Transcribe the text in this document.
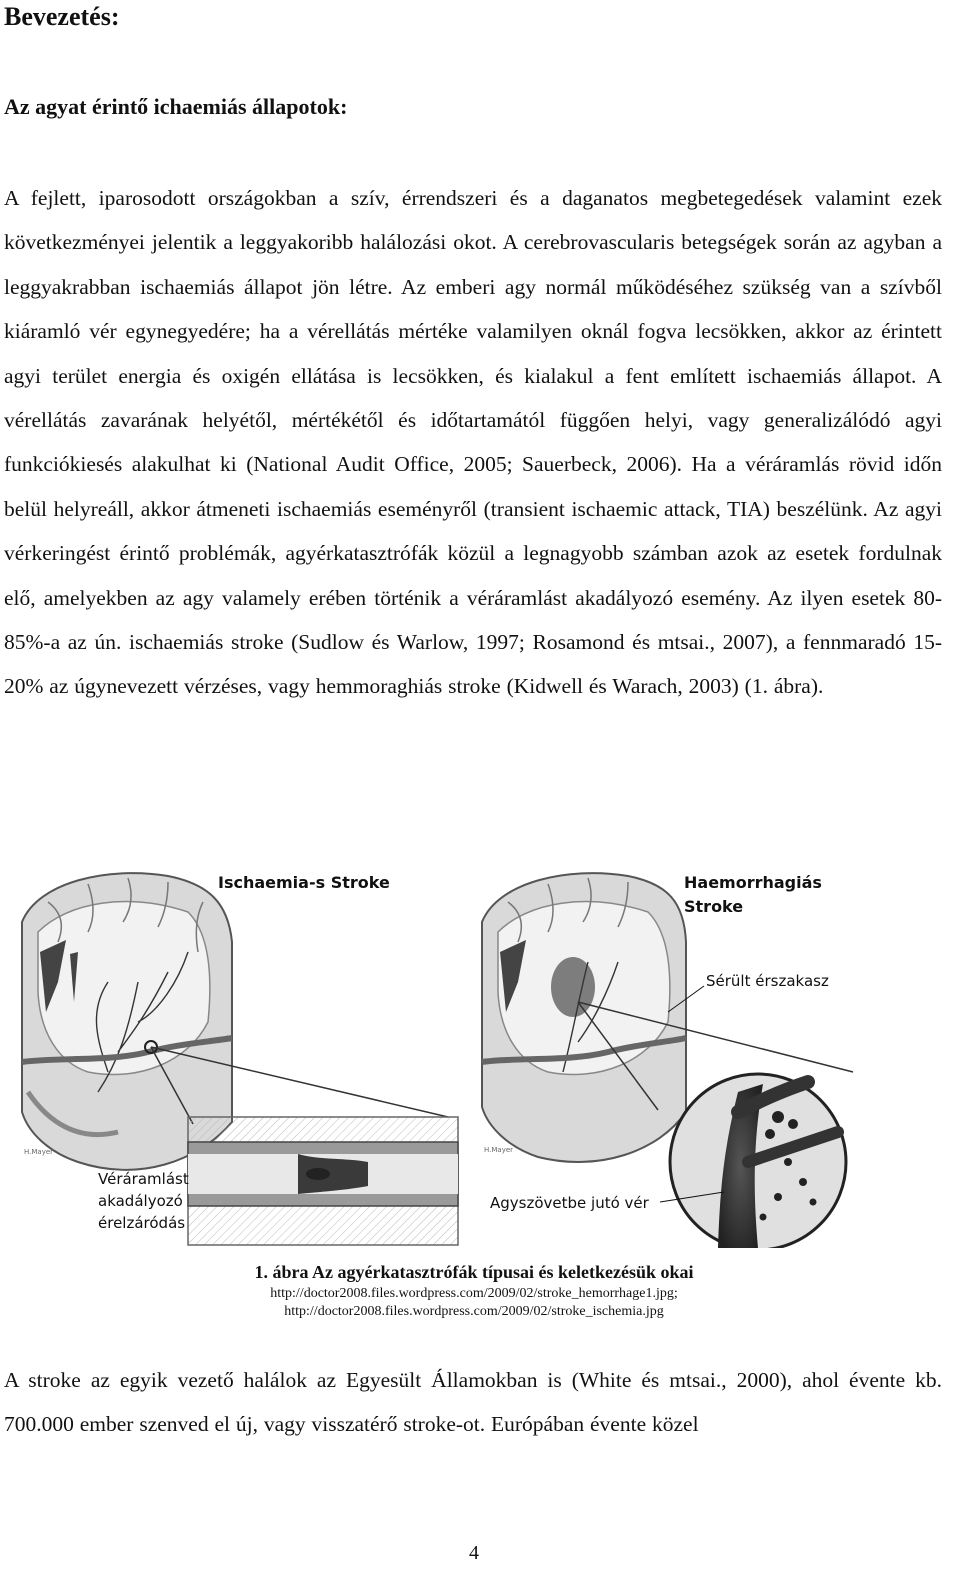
Bevezetés:
Az agyat érintő ichaemiás állapotok:

A fejlett, iparosodott országokban a szív, érrendszeri és a daganatos megbetegedések valamint ezek következményei jelentik a leggyakoribb halálozási okot. A cerebrovascularis betegségek során az agyban a leggyakrabban ischaemiás állapot jön létre. Az emberi agy normál működéséhez szükség van a szívből kiáramló vér egynegyedére; ha a vérellátás mértéke valamilyen oknál fogva lecsökken, akkor az érintett agyi terület energia és oxigén ellátása is lecsökken, és kialakul a fent említett ischaemiás állapot. A vérellátás zavarának helyétől, mértékétől és időtartamától függően helyi, vagy generalizálódó agyi funkciókiesés alakulhat ki (National Audit Office, 2005; Sauerbeck, 2006). Ha a véráramlás rövid időn belül helyreáll, akkor átmeneti ischaemiás eseményről (transient ischaemic attack, TIA) beszélünk. Az agyi vérkeringést érintő problémák, agyérkatasztrófák közül a legnagyobb számban azok az esetek fordulnak elő, amelyekben az agy valamely erében történik a véráramlást akadályozó esemény. Az ilyen esetek 80-85%-a az ún. ischaemiás stroke (Sudlow és Warlow, 1997; Rosamond és mtsai., 2007), a fennmaradó 15-20% az úgynevezett vérzéses, vagy hemmoraghiás stroke (Kidwell és Warach, 2003) (1. ábra).

H.Mayer
Ischaemia-s Stroke
Véráramlást
akadályozó
érelzáródás
H.Mayer
Haemorrhagiás
Stroke
Sérült érszakasz
Agyszövetbe jutó vér

1. ábra Az agyérkatasztrófák típusai és keletkezésük okai

http://doctor2008.files.wordpress.com/2009/02/stroke_hemorrhage1.jpg;

http://doctor2008.files.wordpress.com/2009/02/stroke_ischemia.jpg

A stroke az egyik vezető halálok az Egyesült Államokban is (White és mtsai., 2000), ahol évente kb. 700.000 ember szenved el új, vagy visszatérő stroke-ot. Európában évente közel

4
